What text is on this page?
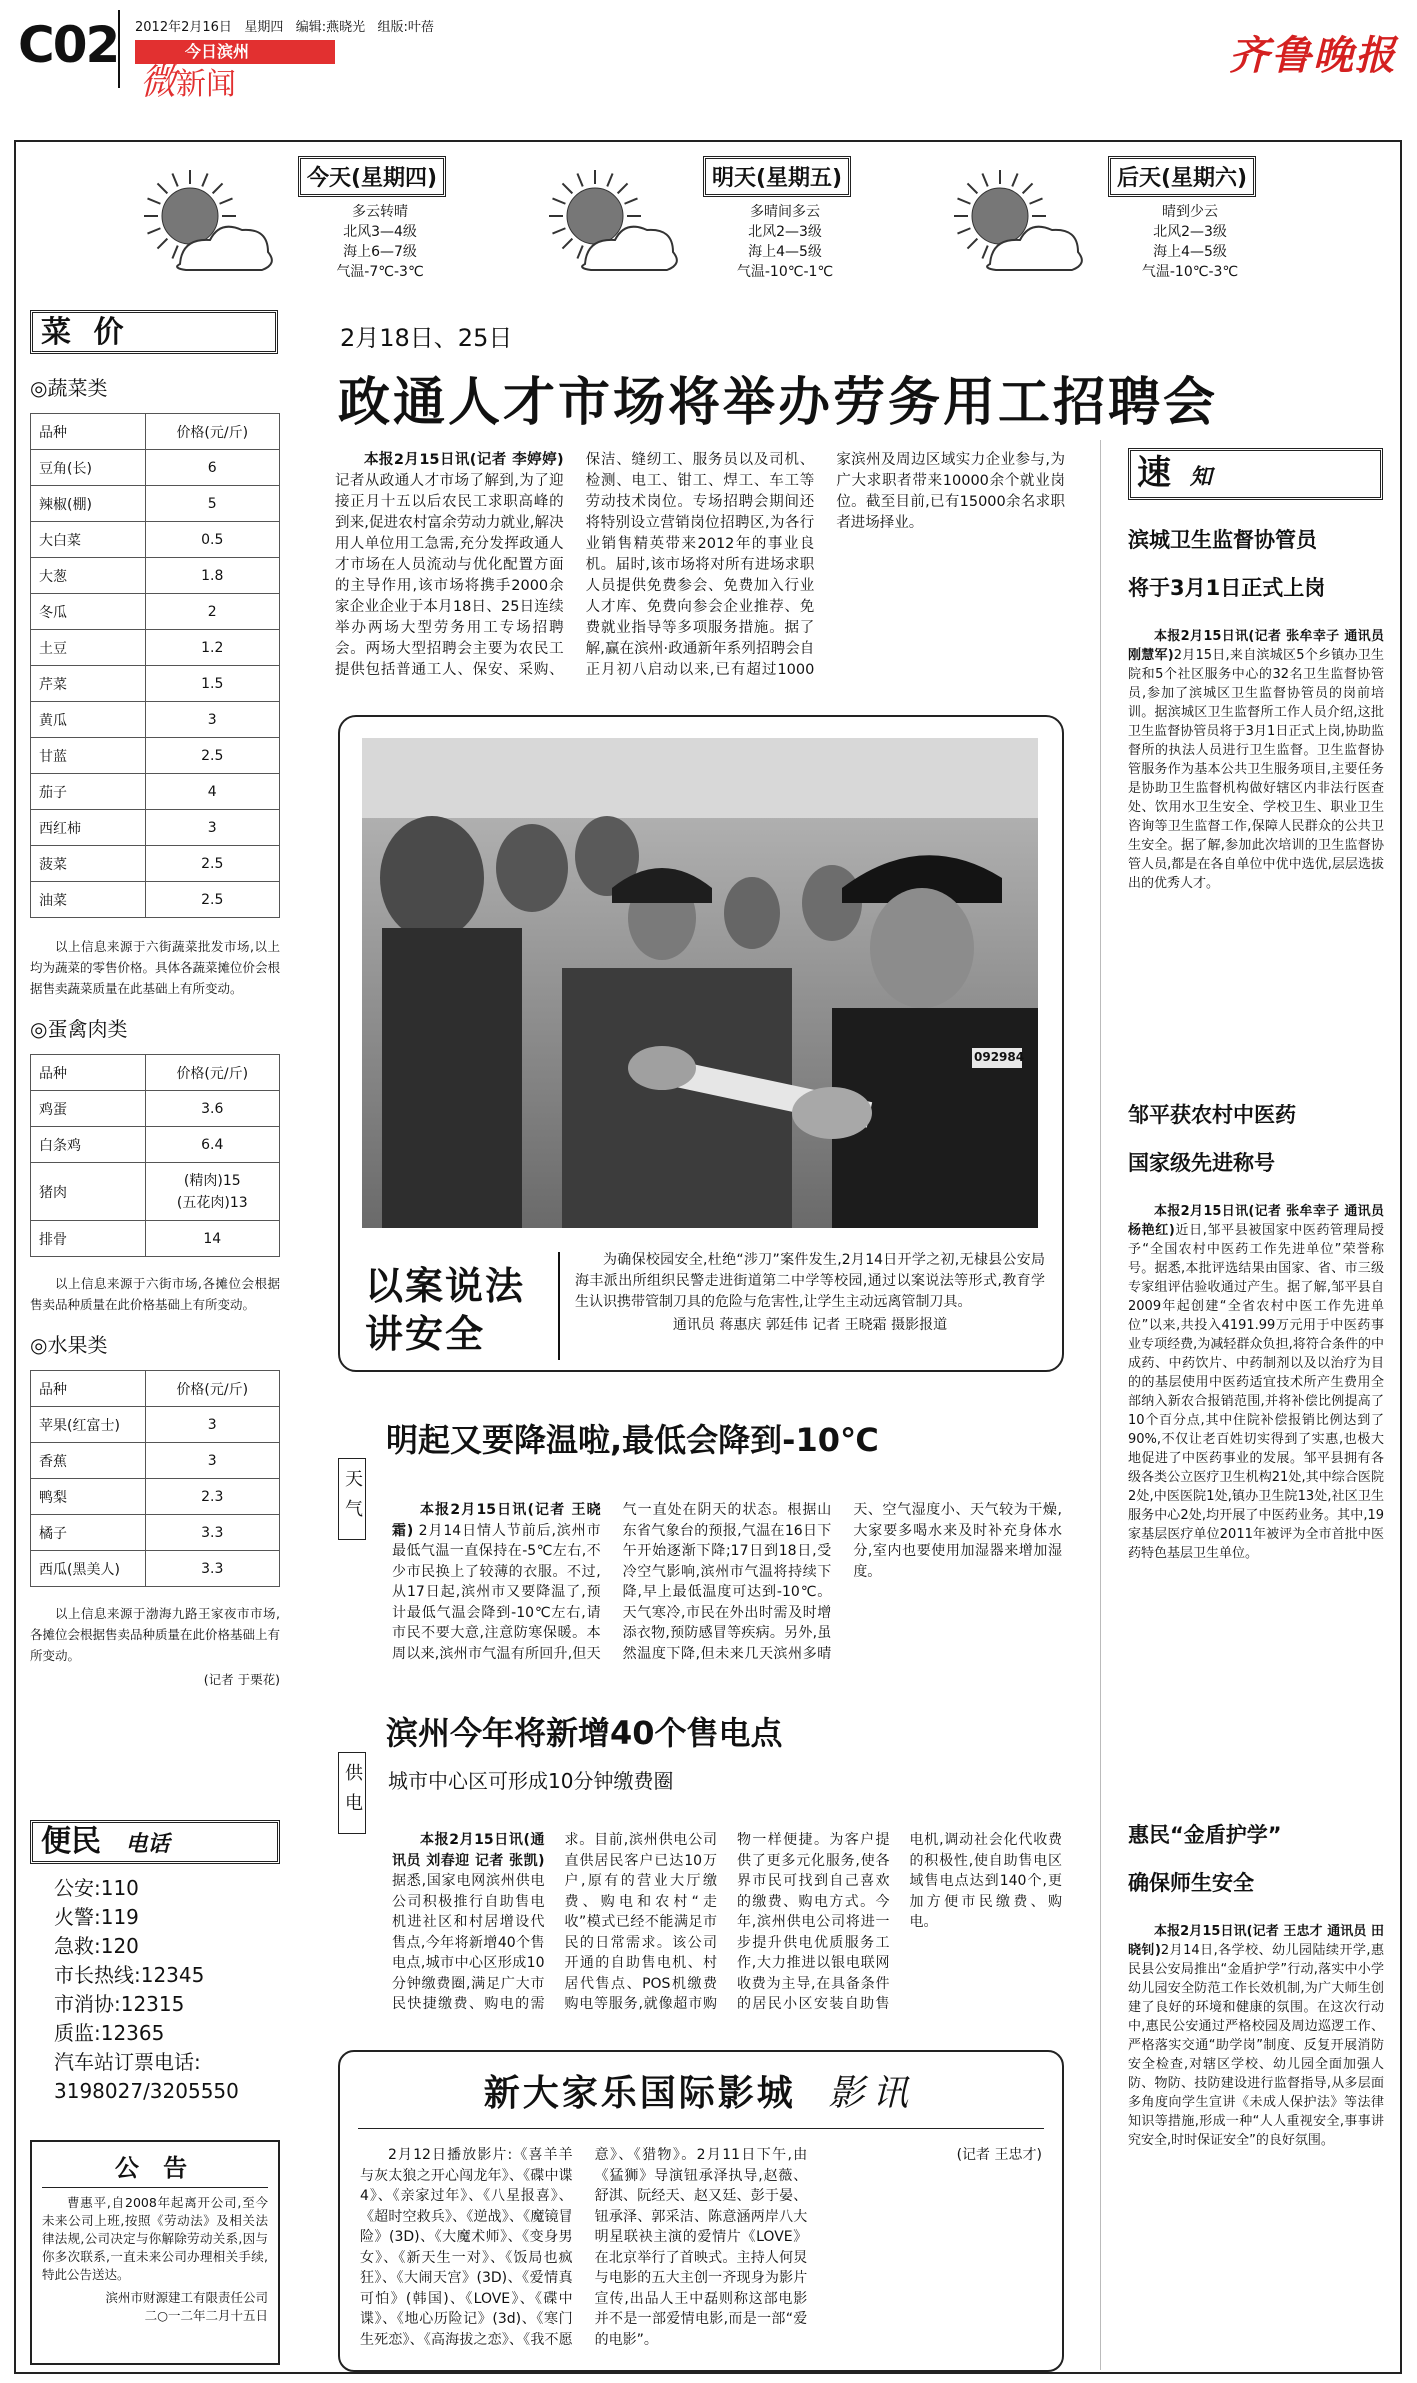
C02 2012年2月16日 星期四 编辑:燕晓光 组版:叶蓓
今日滨州
微新闻
齐鲁晚报
今天(星期四)
多云转晴
北风3—4级
海上6—7级
气温-7℃-3℃
明天(星期五)
多晴间多云
北风2—3级
海上4—5级
气温-10℃-1℃
后天(星期六)
晴到少云
北风2—3级
海上4—5级
气温-10℃-3℃
菜 价
◎蔬菜类
品种	价格(元/斤)
豆角(长)	6
辣椒(棚)	5
大白菜	0.5
大葱	1.8
冬瓜	2
土豆	1.2
芹菜	1.5
黄瓜	3
甘蓝	2.5
茄子	4
西红柿	3
菠菜	2.5
油菜	2.5
以上信息来源于六街蔬菜批发市场,以上均为蔬菜的零售价格。具体各蔬菜摊位价会根据售卖蔬菜质量在此基础上有所变动。
◎蛋禽肉类
品种	价格(元/斤)
鸡蛋	3.6
白条鸡	6.4
猪肉	(精肉)15
(五花肉)13
排骨	14
以上信息来源于六街市场,各摊位会根据售卖品种质量在此价格基础上有所变动。
◎水果类
品种	价格(元/斤)
苹果(红富士)	3
香蕉	3
鸭梨	2.3
橘子	3.3
西瓜(黑美人)	3.3
以上信息来源于渤海九路王家夜市市场,各摊位会根据售卖品种质量在此价格基础上有所变动。
(记者 于栗花)
便民 电话
公安:110
火警:119
急救:120
市长热线:12345
市消协:12315
质监:12365
汽车站订票电话:
3198027/3205550
公 告
曹惠平,自2008年起离开公司,至今未来公司上班,按照《劳动法》及相关法律法规,公司决定与你解除劳动关系,因与你多次联系,一直未来公司办理相关手续,特此公告送达。
滨州市财源建工有限责任公司
二○一二年二月十五日
2月18日、25日
政通人才市场将举办劳务用工招聘会
本报2月15日讯(记者 李婷婷) 记者从政通人才市场了解到,为了迎接正月十五以后农民工求职高峰的到来,促进农村富余劳动力就业,解决用人单位用工急需,充分发挥政通人才市场在人员流动与优化配置方面的主导作用,该市场将携手2000余家企业企业于本月18日、25日连续举办两场大型劳务用工专场招聘会。两场大型招聘会主要为农民工提供包括普通工人、保安、采购、保洁、缝纫工、服务员以及司机、检测、电工、钳工、焊工、车工等劳动技术岗位。专场招聘会期间还将特别设立营销岗位招聘区,为各行业销售精英带来2012年的事业良机。届时,该市场将对所有进场求职人员提供免费参会、免费加入行业人才库、免费向参会企业推荐、免费就业指导等多项服务措施。据了解,赢在滨州·政通新年系列招聘会自正月初八启动以来,已有超过1000家滨州及周边区域实力企业参与,为广大求职者带来10000余个就业岗位。截至目前,已有15000余名求职者进场择业。
092984
以案说法
讲安全
为确保校园安全,杜绝“涉刀”案件发生,2月14日开学之初,无棣县公安局海丰派出所组织民警走进街道第二中学等校园,通过以案说法等形式,教育学生认识携带管制刀具的危险与危害性,让学生主动远离管制刀具。
通讯员 蒋惠庆 郭廷伟 记者 王晓霜 摄影报道
天气
明起又要降温啦,最低会降到-10℃
本报2月15日讯(记者 王晓霜) 2月14日情人节前后,滨州市最低气温一直保持在-5℃左右,不少市民换上了较薄的衣服。不过,从17日起,滨州市又要降温了,预计最低气温会降到-10℃左右,请市民不要大意,注意防寒保暖。本周以来,滨州市气温有所回升,但天气一直处在阴天的状态。根据山东省气象台的预报,气温在16日下午开始逐渐下降;17日到18日,受冷空气影响,滨州市气温将持续下降,早上最低温度可达到-10℃。天气寒冷,市民在外出时需及时增添衣物,预防感冒等疾病。另外,虽然温度下降,但未来几天滨州多晴天、空气湿度小、天气较为干燥,大家要多喝水来及时补充身体水分,室内也要使用加湿器来增加湿度。
供电
滨州今年将新增40个售电点
城市中心区可形成10分钟缴费圈
本报2月15日讯(通讯员 刘春迎 记者 张凯) 据悉,国家电网滨州供电公司积极推行自助售电机进社区和村居增设代售点,今年将新增40个售电点,城市中心区形成10分钟缴费圈,满足广大市民快捷缴费、购电的需求。目前,滨州供电公司直供居民客户已达10万户,原有的营业大厅缴费、购电和农村“走收”模式已经不能满足市民的日常需求。该公司开通的自助售电机、村居代售点、POS机缴费购电等服务,就像超市购物一样便捷。为客户提供了更多元化服务,使各界市民可找到自己喜欢的缴费、购电方式。今年,滨州供电公司将进一步提升供电优质服务工作,大力推进以银电联网收费为主导,在具备条件的居民小区安装自助售电机,调动社会化代收费的积极性,使自助售电区域售电点达到140个,更加方便市民缴费、购电。
新大家乐国际影城 影讯
2月12日播放影片:《喜羊羊与灰太狼之开心闯龙年》、《碟中谍4》、《亲家过年》、《八星报喜》、《超时空救兵》、《逆战》、《魔镜冒险》(3D)、《大魔术师》、《变身男女》、《新天生一对》、《饭局也疯狂》、《大闹天宫》(3D)、《爱情真可怕》(韩国)、《LOVE》、《碟中谍》、《地心历险记》(3d)、《寒门生死恋》、《高海拔之恋》、《我不愿意》、《猎物》。2月11日下午,由《猛狮》导演钮承泽执导,赵薇、舒淇、阮经天、赵又廷、彭于晏、钮承泽、郭采洁、陈意涵两岸八大明星联袂主演的爱情片《LOVE》在北京举行了首映式。主持人何炅与电影的五大主创一齐现身为影片宣传,出品人王中磊则称这部电影并不是一部爱情电影,而是一部“爱的电影”。
(记者 王忠才)
速 知
滨城卫生监督协管员
将于3月1日正式上岗
本报2月15日讯(记者 张牟幸子 通讯员 刚慧军)2月15日,来自滨城区5个乡镇办卫生院和5个社区服务中心的32名卫生监督协管员,参加了滨城区卫生监督协管员的岗前培训。据滨城区卫生监督所工作人员介绍,这批卫生监督协管员将于3月1日正式上岗,协助监督所的执法人员进行卫生监督。卫生监督协管服务作为基本公共卫生服务项目,主要任务是协助卫生监督机构做好辖区内非法行医查处、饮用水卫生安全、学校卫生、职业卫生咨询等卫生监督工作,保障人民群众的公共卫生安全。据了解,参加此次培训的卫生监督协管人员,都是在各自单位中优中选优,层层选拔出的优秀人才。
邹平获农村中医药
国家级先进称号
本报2月15日讯(记者 张牟幸子 通讯员 杨艳红)近日,邹平县被国家中医药管理局授予“全国农村中医药工作先进单位”荣誉称号。据悉,本批评选结果由国家、省、市三级专家组评估验收通过产生。据了解,邹平县自2009年起创建“全省农村中医工作先进单位”以来,共投入4191.99万元用于中医药事业专项经费,为减轻群众负担,将符合条件的中成药、中药饮片、中药制剂以及以治疗为目的的基层使用中医药适宜技术所产生费用全部纳入新农合报销范围,并将补偿比例提高了10个百分点,其中住院补偿报销比例达到了90%,不仅让老百姓切实得到了实惠,也极大地促进了中医药事业的发展。邹平县拥有各级各类公立医疗卫生机构21处,其中综合医院2处,中医医院1处,镇办卫生院13处,社区卫生服务中心2处,均开展了中医药业务。其中,19家基层医疗单位2011年被评为全市首批中医药特色基层卫生单位。
惠民“金盾护学”
确保师生安全
本报2月15日讯(记者 王忠才 通讯员 田晓钊)2月14日,各学校、幼儿园陆续开学,惠民县公安局推出“金盾护学”行动,落实中小学幼儿园安全防范工作长效机制,为广大师生创建了良好的环境和健康的氛围。在这次行动中,惠民公安通过严格校园及周边巡逻工作、严格落实交通“助学岗”制度、反复开展消防安全检查,对辖区学校、幼儿园全面加强人防、物防、技防建设进行监督指导,从多层面多角度向学生宣讲《未成人保护法》等法律知识等措施,形成一种“人人重视安全,事事讲究安全,时时保证安全”的良好氛围。
